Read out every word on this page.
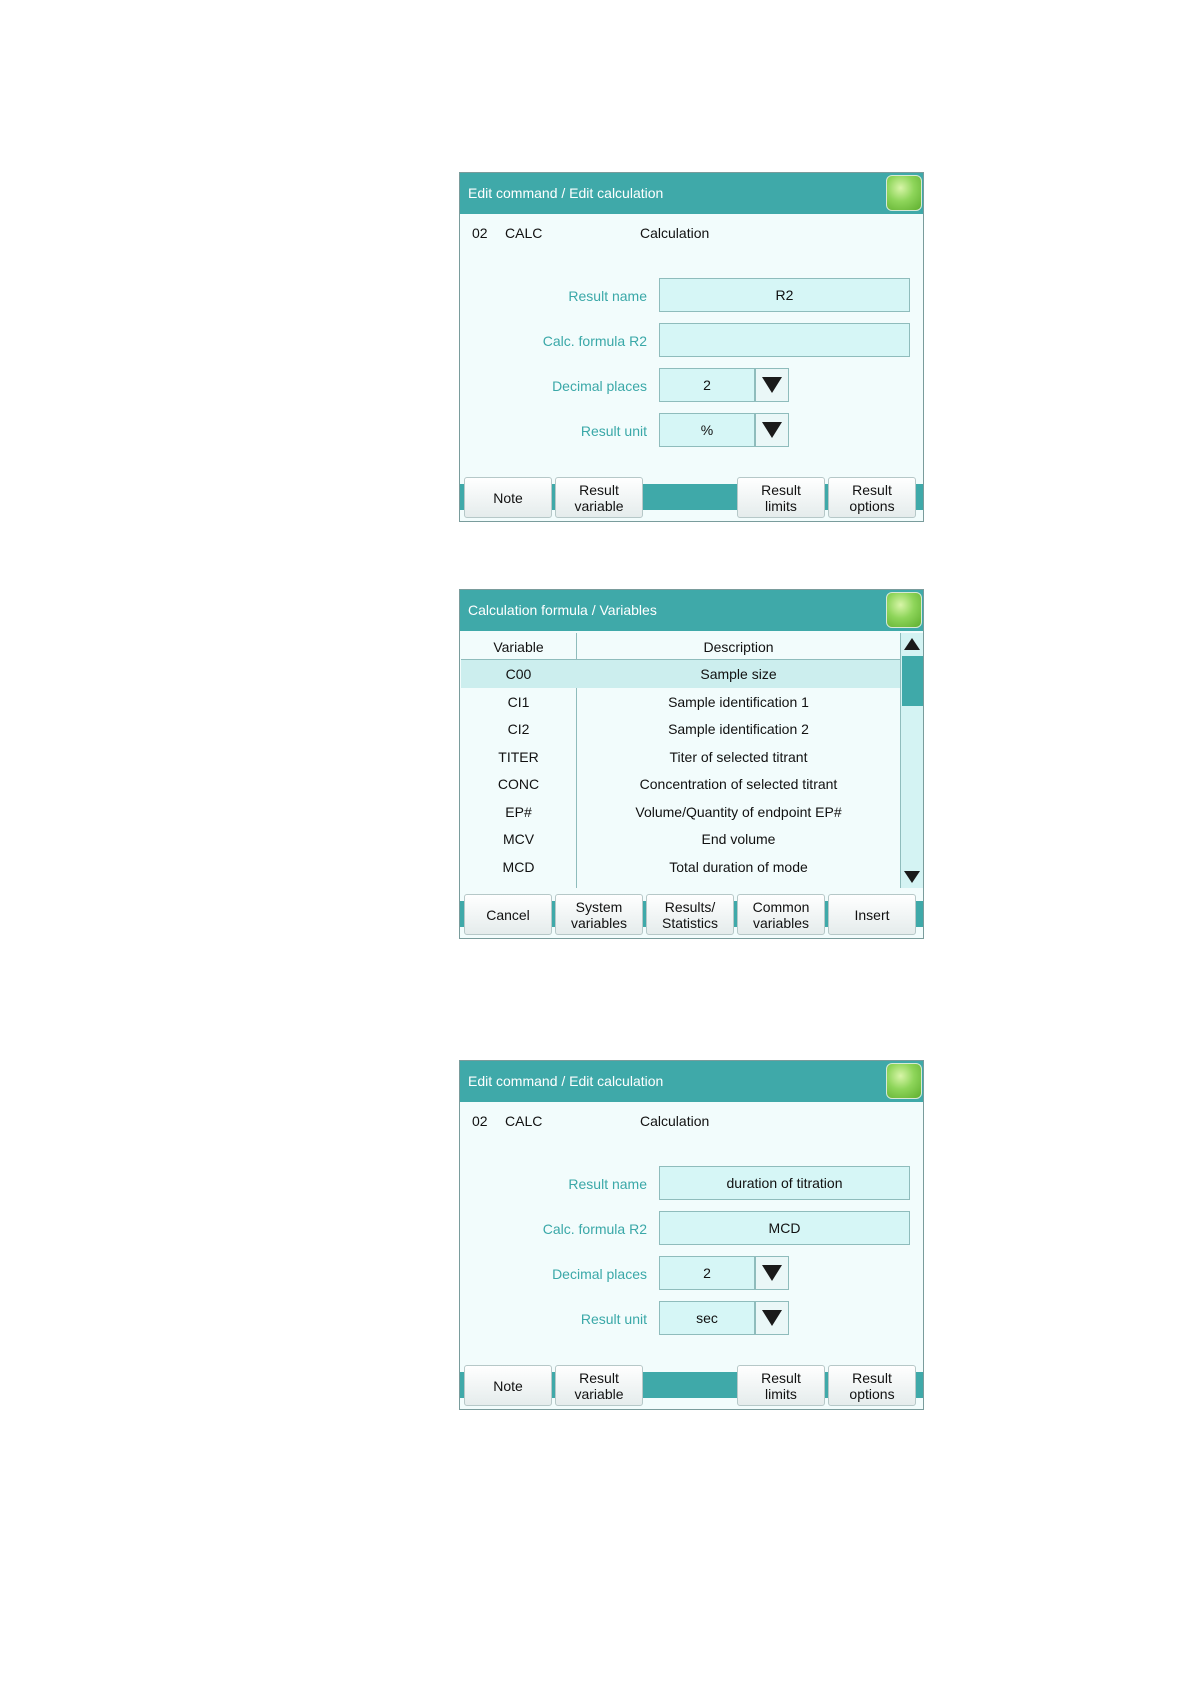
Edit command / Edit calculation
02 CALC	Calculation
Result name	R2
Calc. formula R2
Decimal places	2
Result unit	%
Note	Result
variable
Result
limits
Result
options
Calculation formula / Variables
Variable	Description
C00	Sample size
CI1	Sample identification 1
CI2	Sample identification 2
TITER	Titer of selected titrant
CONC	Concentration of selected titrant
EP#	Volume/Quantity of endpoint EP#
MCV	End volume
MCD	Total duration of mode
Cancel	System
variables
Results/
Statistics
Common
variables	Insert
Edit command / Edit calculation
02 CALC	Calculation
Result name	duration of titration
Calc. formula R2	MCD
Decimal places	2
Result unit	sec
Note	Result
variable
Result
limits
Result
options
